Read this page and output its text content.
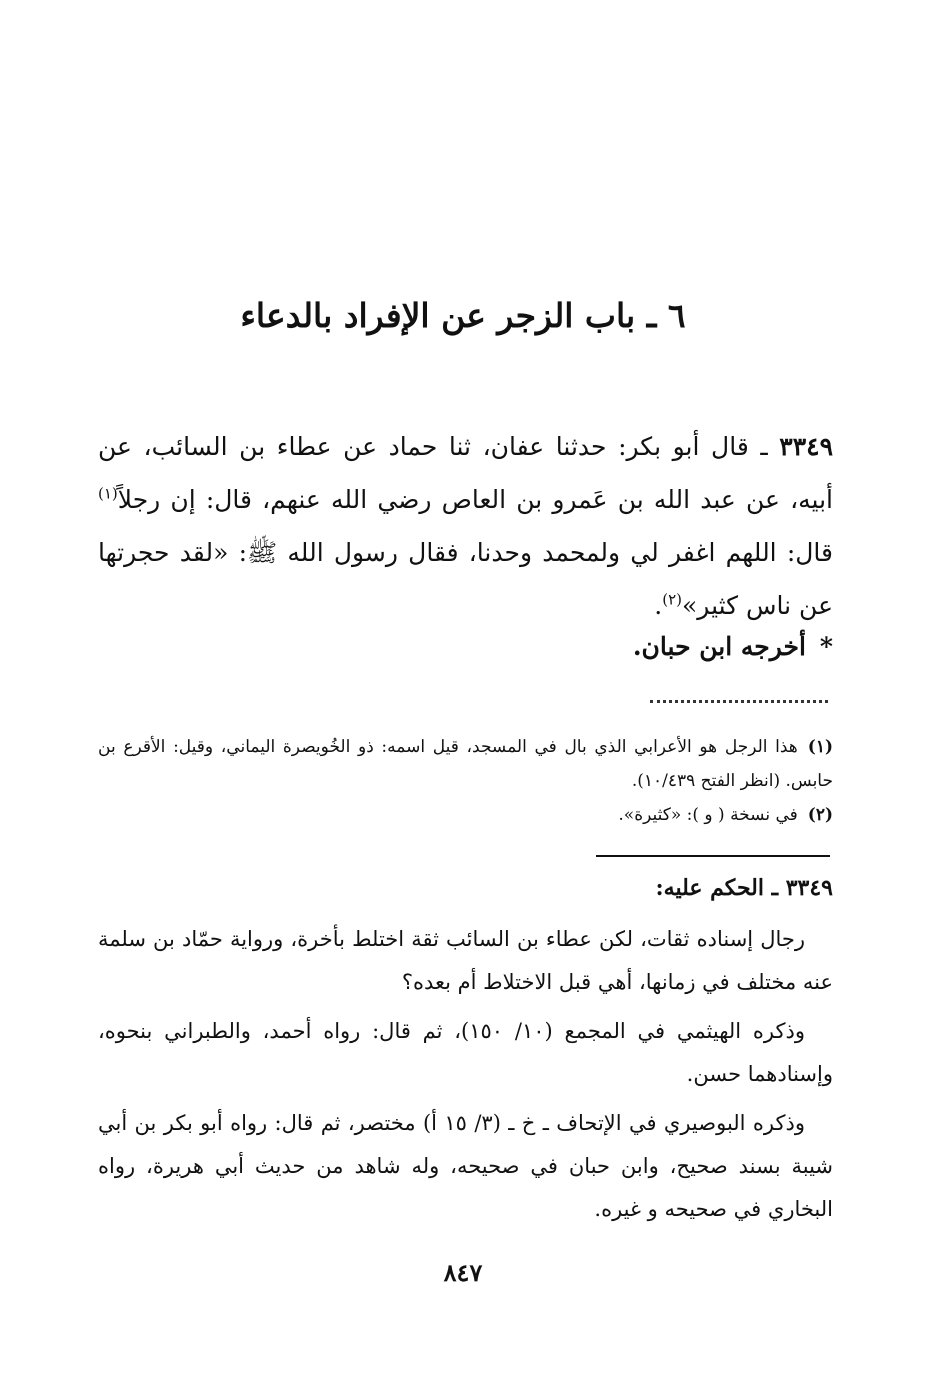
٦ ـ باب الزجر عن الإفراد بالدعاء

٣٣٤٩ ـ قال أبو بكر: حدثنا عفان، ثنا حماد عن عطاء بن السائب، عن أبيه، عن عبد الله بن عَمرو بن العاص رضي الله عنهم، قال: إن رجلاً$^{(١)}$ قال: اللهم اغفر لي ولمحمد وحدنا، فقال رسول الله ﷺ: «لقد حجرتها عن ناس كثير»$^{(٢)}$.

*أخرجه ابن حبان.

(١)هذا الرجل هو الأعرابي الذي بال في المسجد، قيل اسمه: ذو الخُويصرة اليماني، وقيل: الأقرع بن حابس. (انظر الفتح ١٠/٤٣٩).

(٢)في نسخة ( و ): «كثيرة».

٣٣٤٩ ـ الحكم عليه:

رجال إسناده ثقات، لكن عطاء بن السائب ثقة اختلط بأخرة، ورواية حمّاد بن سلمة عنه مختلف في زمانها، أهي قبل الاختلاط أم بعده؟

وذكره الهيثمي في المجمع (١٠/ ١٥٠)، ثم قال: رواه أحمد، والطبراني بنحوه، وإسنادهما حسن.

وذكره البوصيري في الإتحاف ـ خ ـ (٣/ ١٥ أ) مختصر، ثم قال: رواه أبو بكر بن أبي شيبة بسند صحيح، وابن حبان في صحيحه، وله شاهد من حديث أبي هريرة، رواه البخاري في صحيحه و غيره.

٨٤٧
